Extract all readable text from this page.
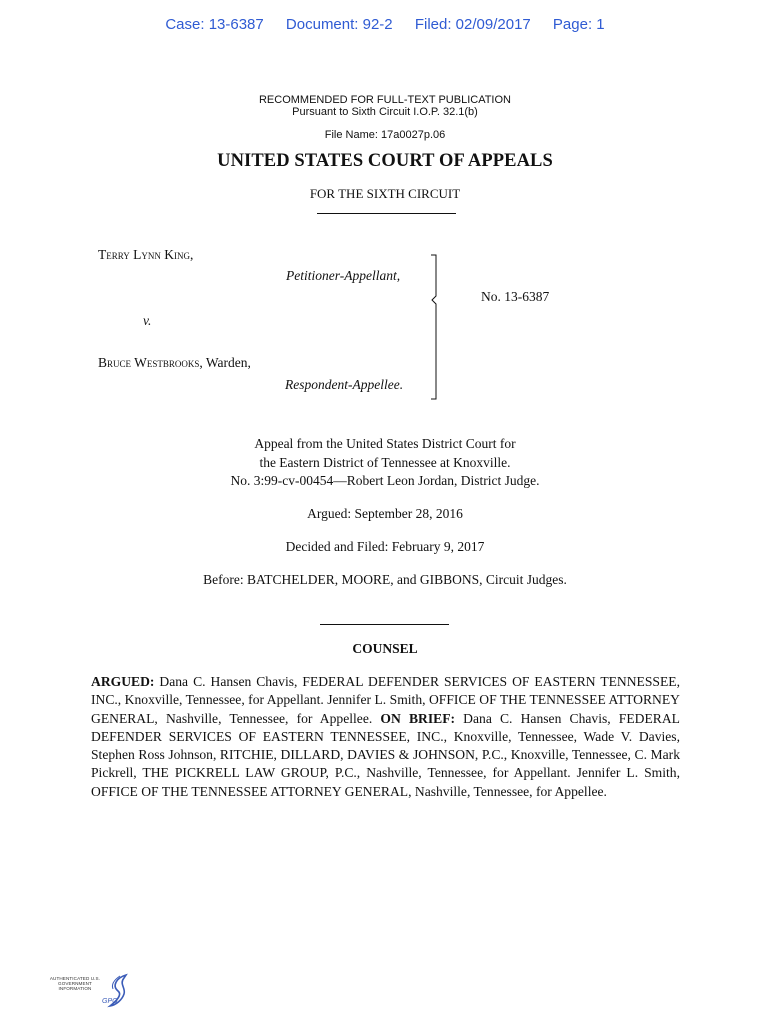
Case: 13-6387 Document: 92-2 Filed: 02/09/2017 Page: 1
RECOMMENDED FOR FULL-TEXT PUBLICATION
Pursuant to Sixth Circuit I.O.P. 32.1(b)
File Name: 17a0027p.06
UNITED STATES COURT OF APPEALS
FOR THE SIXTH CIRCUIT
Terry Lynn King,
Petitioner-Appellant,
v.
Bruce Westbrooks, Warden,
Respondent-Appellee.
No. 13-6387
Appeal from the United States District Court for
the Eastern District of Tennessee at Knoxville.
No. 3:99-cv-00454—Robert Leon Jordan, District Judge.
Argued: September 28, 2016
Decided and Filed: February 9, 2017
Before: BATCHELDER, MOORE, and GIBBONS, Circuit Judges.
COUNSEL
ARGUED: Dana C. Hansen Chavis, FEDERAL DEFENDER SERVICES OF EASTERN TENNESSEE, INC., Knoxville, Tennessee, for Appellant. Jennifer L. Smith, OFFICE OF THE TENNESSEE ATTORNEY GENERAL, Nashville, Tennessee, for Appellee. ON BRIEF: Dana C. Hansen Chavis, FEDERAL DEFENDER SERVICES OF EASTERN TENNESSEE, INC., Knoxville, Tennessee, Wade V. Davies, Stephen Ross Johnson, RITCHIE, DILLARD, DAVIES & JOHNSON, P.C., Knoxville, Tennessee, C. Mark Pickrell, THE PICKRELL LAW GROUP, P.C., Nashville, Tennessee, for Appellant. Jennifer L. Smith, OFFICE OF THE TENNESSEE ATTORNEY GENERAL, Nashville, Tennessee, for Appellee.
AUTHENTICATED U.S. GOVERNMENT INFORMATION
GPO
